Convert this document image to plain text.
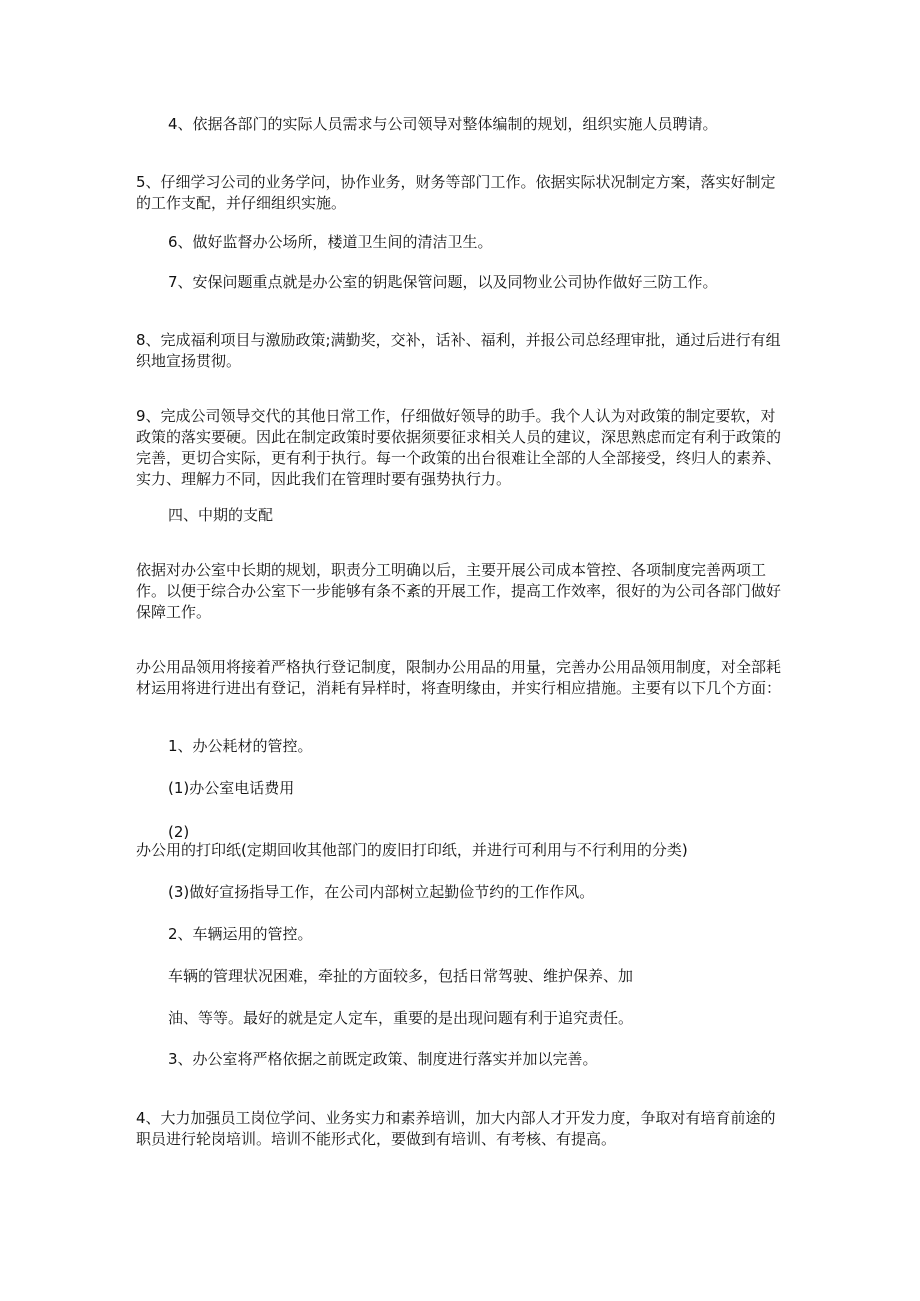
4、依据各部门的实际人员需求与公司领导对整体编制的规划，组织实施人员聘请。
5、仔细学习公司的业务学问，协作业务，财务等部门工作。依据实际状况制定方案，落实好制定的工作支配，并仔细组织实施。
6、做好监督办公场所，楼道卫生间的清洁卫生。
7、安保问题重点就是办公室的钥匙保管问题，以及同物业公司协作做好三防工作。
8、完成福利项目与激励政策;满勤奖，交补，话补、福利，并报公司总经理审批，通过后进行有组织地宣扬贯彻。
9、完成公司领导交代的其他日常工作，仔细做好领导的助手。我个人认为对政策的制定要软，对政策的落实要硬。因此在制定政策时要依据须要征求相关人员的建议，深思熟虑而定有利于政策的完善，更切合实际，更有利于执行。每一个政策的出台很难让全部的人全部接受，终归人的素养、实力、理解力不同，因此我们在管理时要有强势执行力。
四、中期的支配
依据对办公室中长期的规划，职责分工明确以后，主要开展公司成本管控、各项制度完善两项工作。以便于综合办公室下一步能够有条不紊的开展工作，提高工作效率，很好的为公司各部门做好保障工作。
办公用品领用将接着严格执行登记制度，限制办公用品的用量，完善办公用品领用制度，对全部耗材运用将进行进出有登记，消耗有异样时，将查明缘由，并实行相应措施。主要有以下几个方面：
1、办公耗材的管控。
(1)办公室电话费用
(2)
办公用的打印纸(定期回收其他部门的废旧打印纸，并进行可利用与不行利用的分类)
(3)做好宣扬指导工作，在公司内部树立起勤俭节约的工作作风。
2、车辆运用的管控。
车辆的管理状况困难，牵扯的方面较多，包括日常驾驶、维护保养、加
油、等等。最好的就是定人定车，重要的是出现问题有利于追究责任。
3、办公室将严格依据之前既定政策、制度进行落实并加以完善。
4、大力加强员工岗位学问、业务实力和素养培训，加大内部人才开发力度，争取对有培育前途的职员进行轮岗培训。培训不能形式化，要做到有培训、有考核、有提高。
